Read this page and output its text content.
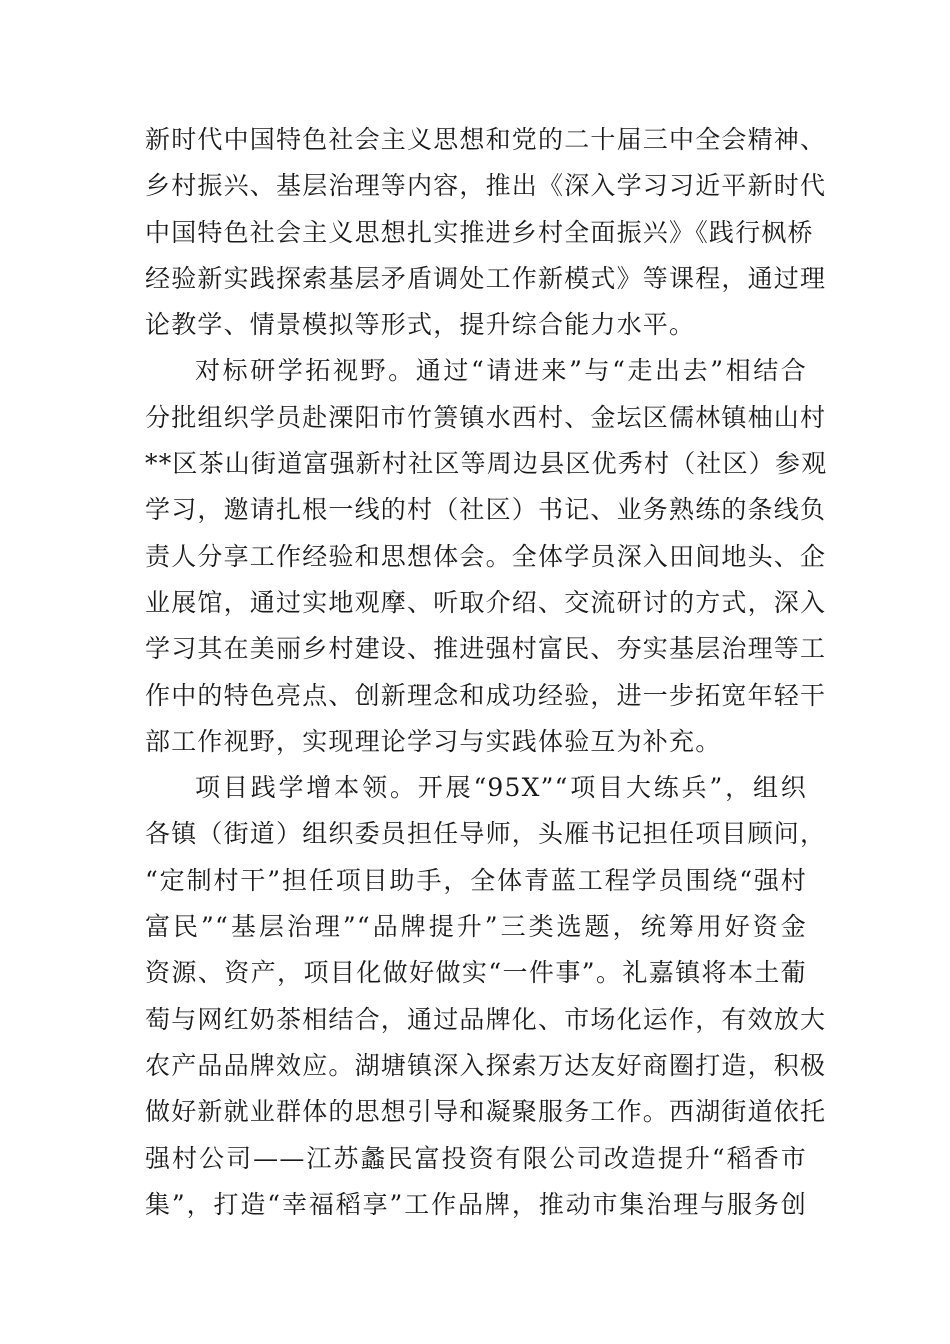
新时代中国特色社会主义思想和党的二十届三中全会精神、
乡村振兴、基层治理等内容，推出《深入学习习近平新时代
中国特色社会主义思想扎实推进乡村全面振兴》《践行枫桥
经验新实践探索基层矛盾调处工作新模式》等课程，通过理
论教学、情景模拟等形式，提升综合能力水平。
对标研学拓视野。通过“请进来”与“走出去”相结合
分批组织学员赴溧阳市竹箦镇水西村、金坛区儒林镇柚山村
**区茶山街道富强新村社区等周边县区优秀村（社区）参观
学习，邀请扎根一线的村（社区）书记、业务熟练的条线负
责人分享工作经验和思想体会。全体学员深入田间地头、企
业展馆，通过实地观摩、听取介绍、交流研讨的方式，深入
学习其在美丽乡村建设、推进强村富民、夯实基层治理等工
作中的特色亮点、创新理念和成功经验，进一步拓宽年轻干
部工作视野，实现理论学习与实践体验互为补充。
项目践学增本领。开展“95X”“项目大练兵”，组织
各镇（街道）组织委员担任导师，头雁书记担任项目顾问，
“定制村干”担任项目助手，全体青蓝工程学员围绕“强村
富民”“基层治理”“品牌提升”三类选题，统筹用好资金
资源、资产，项目化做好做实“一件事”。礼嘉镇将本土葡
萄与网红奶茶相结合，通过品牌化、市场化运作，有效放大
农产品品牌效应。湖塘镇深入探索万达友好商圈打造，积极
做好新就业群体的思想引导和凝聚服务工作。西湖街道依托
强村公司——江苏蠡民富投资有限公司改造提升“稻香市
集”，打造“幸福稻享”工作品牌，推动市集治理与服务创
